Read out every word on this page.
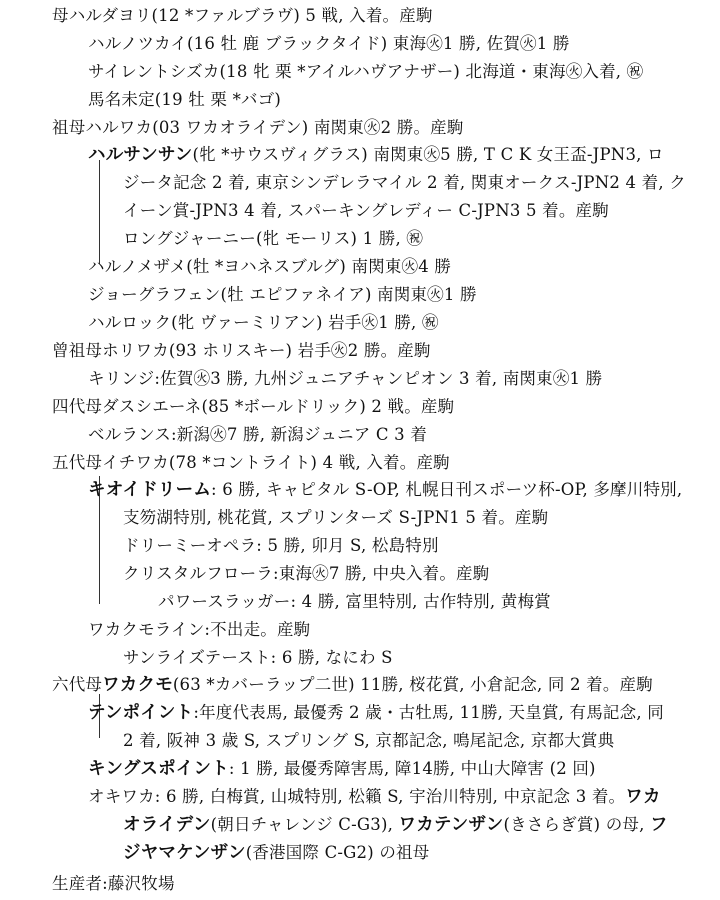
母ハルダヨリ(12 *ファルブラヴ) 5 戦, 入着。産駒
ハルノツカイ(16 牡 鹿 ブラックタイド) 東海㊋1 勝, 佐賀㊋1 勝
サイレントシズカ(18 牝 栗 *アイルハヴアナザー) 北海道・東海㊋入着, ㊗
馬名未定(19 牡 栗 *バゴ)
祖母ハルワカ(03 ワカオライデン) 南関東㊋2 勝。産駒
ハルサンサン(牝 *サウスヴィグラス) 南関東㊋5 勝, T C K 女王盃-JPN3, ロ
ジータ記念 2 着, 東京シンデレラマイル 2 着, 関東オークス-JPN2 4 着, ク
イーン賞-JPN3 4 着, スパーキングレディー C-JPN3 5 着。産駒
ロングジャーニー(牝 モーリス) 1 勝, ㊗
ハルノメザメ(牡 *ヨハネスブルグ) 南関東㊋4 勝
ジョーグラフェン(牡 エピファネイア) 南関東㊋1 勝
ハルロック(牝 ヴァーミリアン) 岩手㊋1 勝, ㊗
曾祖母ホリワカ(93 ホリスキー) 岩手㊋2 勝。産駒
キリンジ:佐賀㊋3 勝, 九州ジュニアチャンピオン 3 着, 南関東㊋1 勝
四代母ダスシエーネ(85 *ボールドリック) 2 戦。産駒
ベルランス:新潟㊋7 勝, 新潟ジュニア C 3 着
五代母イチワカ(78 *コントライト) 4 戦, 入着。産駒
キオイドリーム: 6 勝, キャピタル S-OP, 札幌日刊スポーツ杯-OP, 多摩川特別,
支笏湖特別, 桃花賞, スプリンターズ S-JPN1 5 着。産駒
ドリーミーオペラ: 5 勝, 卯月 S, 松島特別
クリスタルフローラ:東海㊋7 勝, 中央入着。産駒
パワースラッガー: 4 勝, 富里特別, 古作特別, 黄梅賞
ワカクモライン:不出走。産駒
サンライズテースト: 6 勝, なにわ S
六代母ワカクモ(63 *カバーラップ二世) 11勝, 桜花賞, 小倉記念, 同 2 着。産駒
テンポイント:年度代表馬, 最優秀 2 歳・古牡馬, 11勝, 天皇賞, 有馬記念, 同
2 着, 阪神 3 歳 S, スプリング S, 京都記念, 鳴尾記念, 京都大賞典
キングスポイント: 1 勝, 最優秀障害馬, 障14勝, 中山大障害 (2 回)
オキワカ: 6 勝, 白梅賞, 山城特別, 松籟 S, 宇治川特別, 中京記念 3 着。ワカ
オライデン(朝日チャレンジ C-G3), ワカテンザン(きさらぎ賞) の母, フ
ジヤマケンザン(香港国際 C-G2) の祖母
生産者:藤沢牧場
